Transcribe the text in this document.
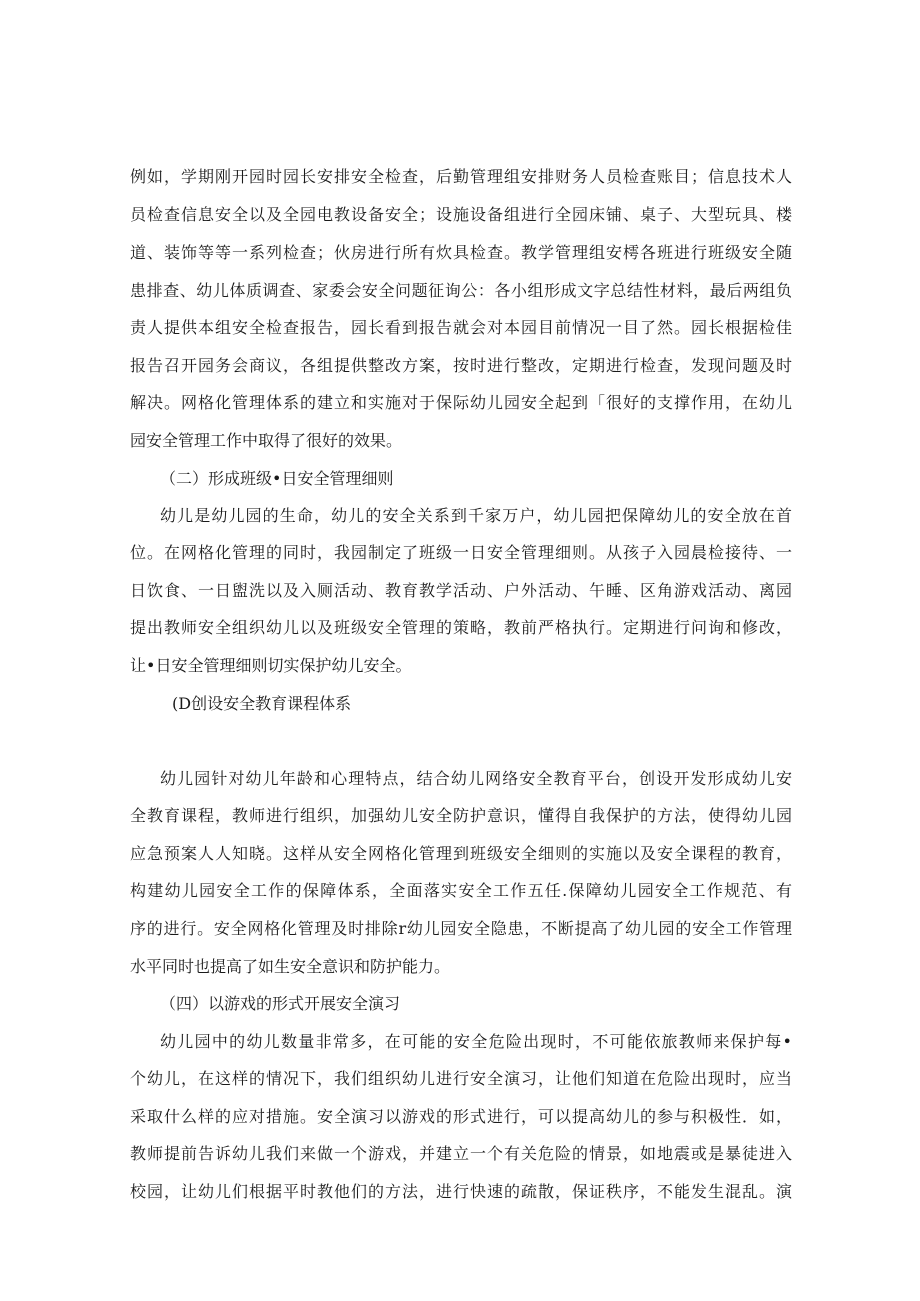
例如，学期刚开园时园长安排安全检查，后勤管理组安排财务人员检查账目；信息技术人
员检查信息安全以及全园电教设备安全；设施设备组进行全园床铺、桌子、大型玩具、楼
道、装饰等等一系列检查；伙房进行所有炊具检查。教学管理组安樗各班进行班级安全随
患排查、幼儿体质调查、家委会安全问题征询公：各小组形成文字总结性材料，最后两组负
责人提供本组安全检查报告，园长看到报告就会对本园目前情况一目了然。园长根据检佳
报告召开园务会商议，各组提供整改方案，按时进行整改，定期进行检查，发现问题及时
解决。网格化管理体系的建立和实施对于保际幼儿园安全起到「很好的支撑作用，在幼儿
园安全管理工作中取得了很好的效果。
（二）形成班级•日安全管理细则
幼儿是幼儿园的生命，幼儿的安全关系到千家万户，幼儿园把保障幼儿的安全放在首
位。在网格化管理的同时，我园制定了班级一日安全管理细则。从孩子入园晨检接待、一
日饮食、一日盥洗以及入厕活动、教育教学活动、户外活动、午睡、区角游戏活动、离园
提出教师安全组织幼儿以及班级安全管理的策略，教前严格执行。定期进行问询和修改，
让•日安全管理细则切实保护幼儿安全。
(D创设安全教育课程体系
幼儿园针对幼儿年龄和心理特点，结合幼儿网络安全教育平台，创设开发形成幼儿安
全教育课程，教师进行组织，加强幼儿安全防护意识，懂得自我保护的方法，使得幼儿园
应急预案人人知晓。这样从安全网格化管理到班级安全细则的实施以及安全课程的教育，
构建幼儿园安全工作的保障体系，全面落实安全工作五任.保障幼儿园安全工作规范、有
序的进行。安全网格化管理及时排除r幼儿园安全隐患，不断提高了幼儿园的安全工作管理
水平同时也提高了如生安全意识和防护能力。
（四）以游戏的形式开展安全演习
幼儿园中的幼儿数量非常多，在可能的安全危险出现时，不可能依旅教师来保护每•
个幼儿，在这样的情况下，我们组织幼儿进行安全演习，让他们知道在危险出现时，应当
采取什么样的应对措施。安全演习以游戏的形式进行，可以提高幼儿的参与积极性．如，
教师提前告诉幼儿我们来做一个游戏，并建立一个有关危险的情景，如地震或是暴徒进入
校园，让幼儿们根据平时教他们的方法，进行快速的疏散，保证秩序，不能发生混乱。演
